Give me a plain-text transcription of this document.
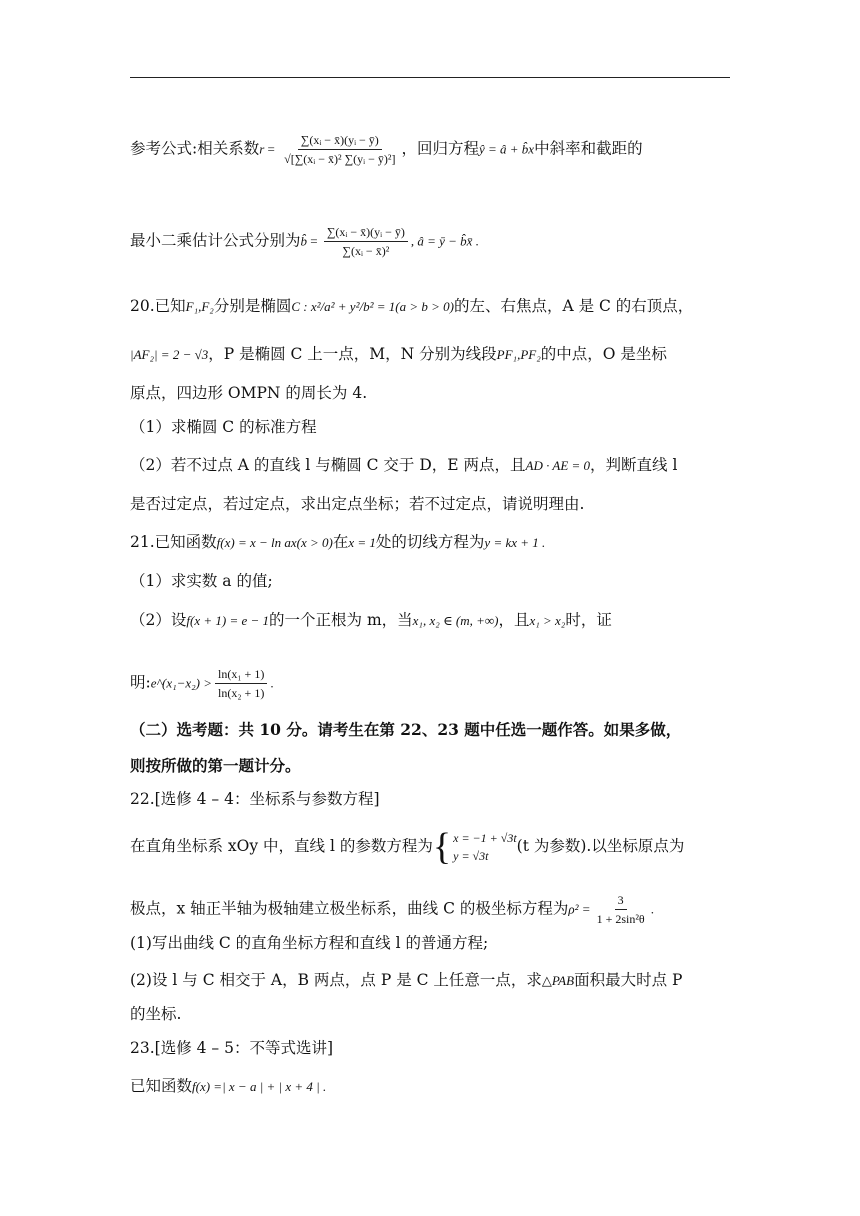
参考公式:相关系数$r = \frac{\text{∑(xᵢ − x̄)(yᵢ − ȳ)}}{\text{√[∑(xᵢ − x̄)² ∑(yᵢ − ȳ)²]}}$ ，回归方程ŷ = â + b̂x中斜率和截距的
最小二乘估计公式分别为b̂ = $\frac{\text{∑(xᵢ − x̄)(yᵢ − ȳ)}}{\text{∑(xᵢ − x̄)²}}$ , â = ȳ − b̂x̄ .
20.已知F₁,F₂分别是椭圆C : x²/a² + y²/b² = 1(a > b > 0)的左、右焦点，A 是 C 的右顶点，
|AF₂| = 2 − √3，P 是椭圆 C 上一点，M，N 分别为线段PF₁,PF₂的中点，O 是坐标
原点，四边形 OMPN 的周长为 4.
（1）求椭圆 C 的标准方程
（2）若不过点 A 的直线 l 与椭圆 C 交于 D，E 两点，且AD · AE = 0，判断直线 l
是否过定点，若过定点，求出定点坐标；若不过定点，请说明理由.
21.已知函数f(x) = x − ln ax(x > 0)在x = 1处的切线方程为y = kx + 1 .
（1）求实数 a 的值;
（2）设f(x + 1) = e − 1的一个正根为 m，当x₁, x₂ ∈ (m, +∞)，且x₁ > x₂时，证
明:e^(x₁−x₂) > $\frac{\text{ln(x₁ + 1)}}{\text{ln(x₂ + 1)}}$ .
（二）选考题：共 10 分。请考生在第 22、23 题中任选一题作答。如果多做，
则按所做的第一题计分。
22.[选修 4 – 4：坐标系与参数方程]
在直角坐标系 xOy 中，直线 l 的参数方程为 { x = −1 + √3t
y = √3t
(t 为参数).以坐标原点为
极点，x 轴正半轴为极轴建立极坐标系，曲线 C 的极坐标方程为$\rho^2 = \frac{3}{\text{1 + 2sin²θ}}$ .
(1)写出曲线 C 的直角坐标方程和直线 l 的普通方程;
(2)设 l 与 C 相交于 A，B 两点，点 P 是 C 上任意一点，求△PAB面积最大时点 P
的坐标.
23.[选修 4 – 5：不等式选讲]
已知函数f(x) =| x − a | + | x + 4 | .
